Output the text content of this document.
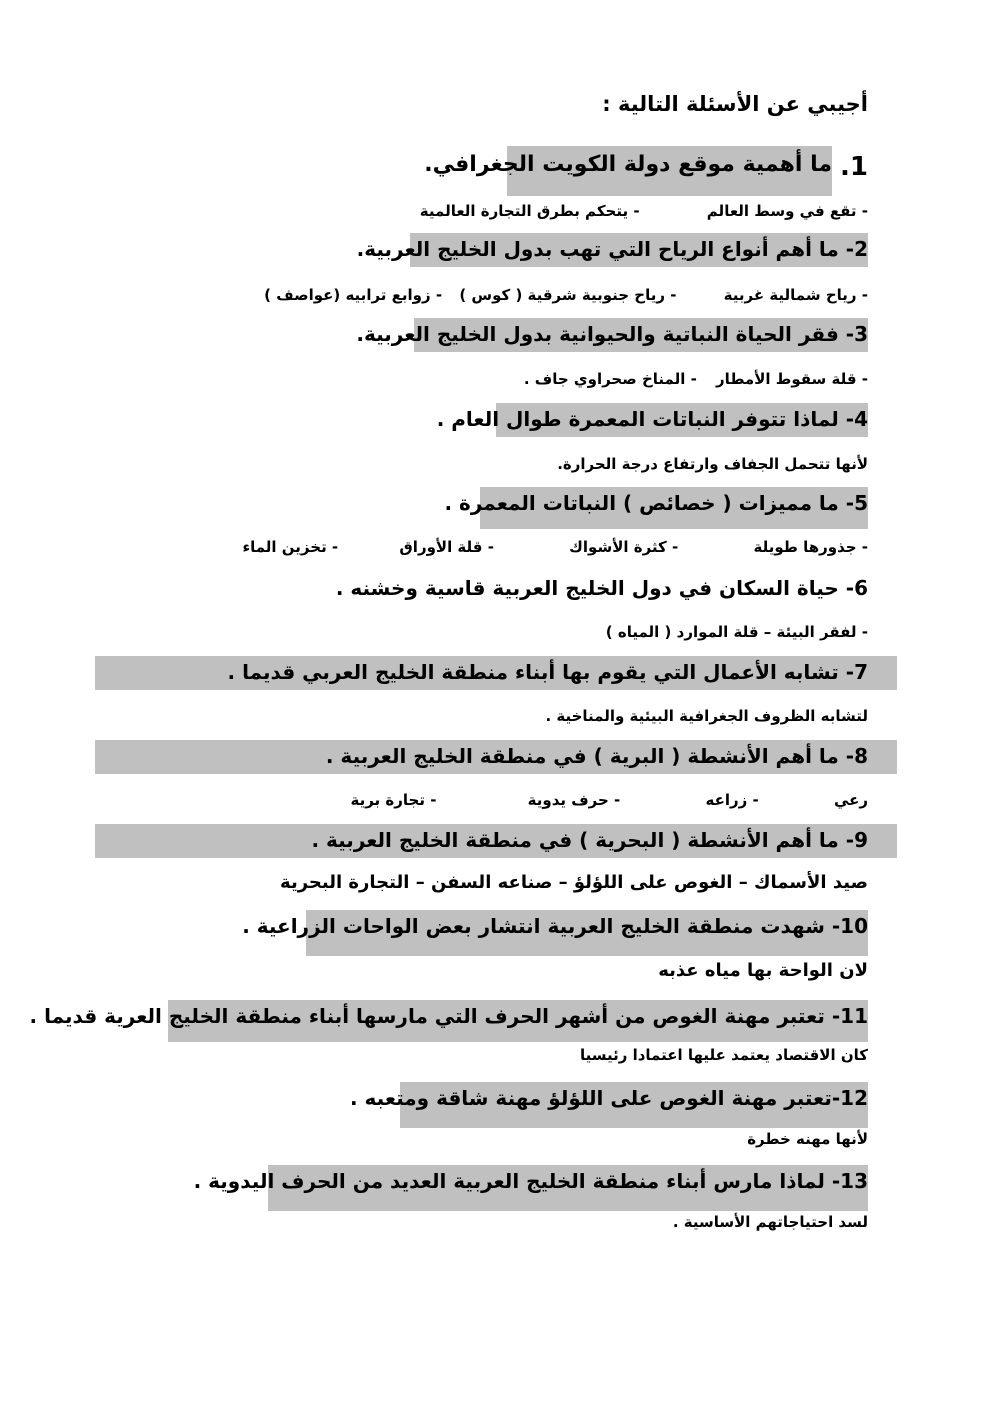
أجيبي عن الأسئلة التالية :
1.
ما أهمية موقع دولة الكويت الجغرافي.
- تقع في وسط العالم - يتحكم بطرق التجارة العالمية
2- ما أهم أنواع الرياح التي تهب بدول الخليج العربية.
- رياح شمالية غربية - رياح جنوبية شرقية ( كوس ) - زوابع ترابيه (عواصف )
3- فقر الحياة النباتية والحيوانية بدول الخليج العربية.
- قلة سقوط الأمطار - المناخ صحراوي جاف .
4- لماذا تتوفر النباتات المعمرة طوال العام .
لأنها تتحمل الجفاف وارتفاع درجة الحرارة.
5- ما مميزات ( خصائص ) النباتات المعمرة .
- جذورها طويلة - كثرة الأشواك - قلة الأوراق - تخزين الماء
6- حياة السكان في دول الخليج العربية قاسية وخشنه .
- لفقر البيئة – قلة الموارد ( المياه )
7- تشابه الأعمال التي يقوم بها أبناء منطقة الخليج العربي قديما .
لتشابه الظروف الجغرافية البيئية والمناخية .
8- ما أهم الأنشطة ( البرية ) في منطقة الخليج العربية .
رعي - زراعه - حرف يدوية - تجارة برية
9- ما أهم الأنشطة ( البحرية ) في منطقة الخليج العربية .
صيد الأسماك – الغوص على اللؤلؤ – صناعه السفن – التجارة البحرية
10- شهدت منطقة الخليج العربية انتشار بعض الواحات الزراعية .
لان الواحة بها مياه عذبه
11- تعتبر مهنة الغوص من أشهر الحرف التي مارسها أبناء منطقة الخليج العرية قديما .
كان الاقتصاد يعتمد عليها اعتمادا رئيسيا
12-تعتبر مهنة الغوص على اللؤلؤ مهنة شاقة ومتعبه .
لأنها مهنه خطرة
13- لماذا مارس أبناء منطقة الخليج العربية العديد من الحرف اليدوية .
لسد احتياجاتهم الأساسية .
